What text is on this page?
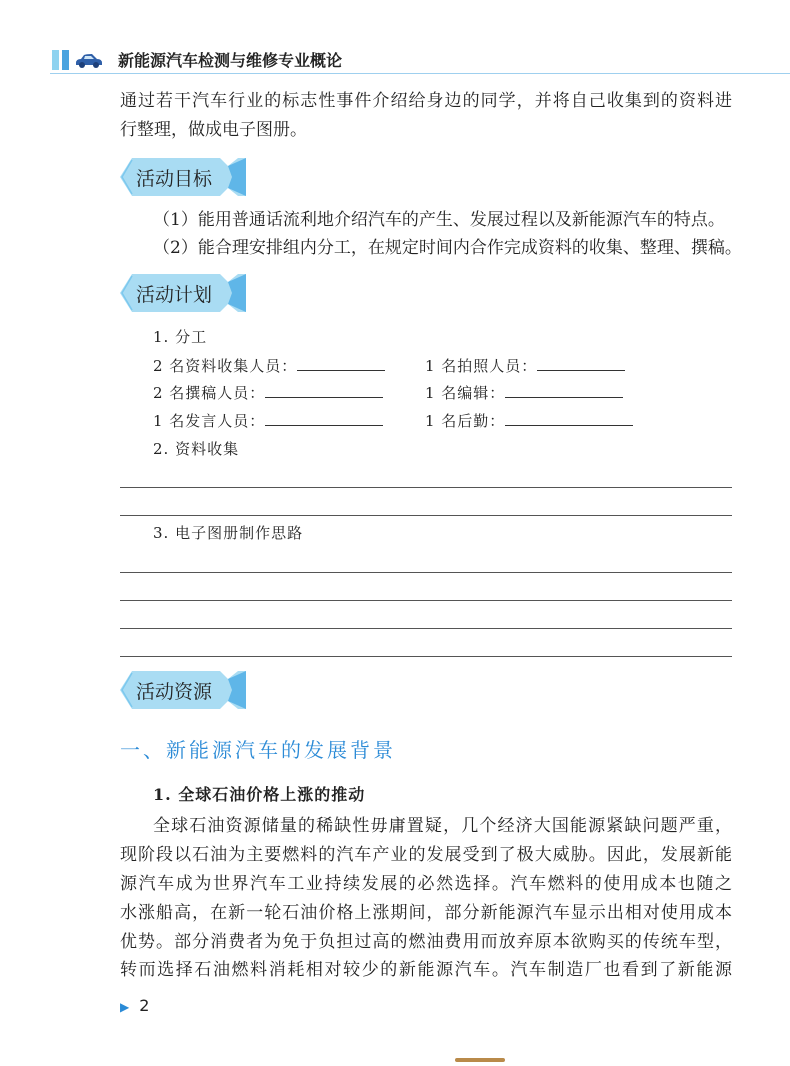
新能源汽车检测与维修专业概论
通过若干汽车行业的标志性事件介绍给身边的同学，并将自己收集到的资料进
行整理，做成电子图册。
活动目标
（1）能用普通话流利地介绍汽车的产生、发展过程以及新能源汽车的特点。
（2）能合理安排组内分工，在规定时间内合作完成资料的收集、整理、撰稿。
活动计划
1. 分工
2 名资料收集人员：	1 名拍照人员：
2 名撰稿人员：	1 名编辑：
1 名发言人员：	1 名后勤：
2. 资料收集
3. 电子图册制作思路
活动资源
一、新能源汽车的发展背景
1. 全球石油价格上涨的推动
全球石油资源储量的稀缺性毋庸置疑，几个经济大国能源紧缺问题严重，
现阶段以石油为主要燃料的汽车产业的发展受到了极大威胁。因此，发展新能
源汽车成为世界汽车工业持续发展的必然选择。汽车燃料的使用成本也随之
水涨船高，在新一轮石油价格上涨期间，部分新能源汽车显示出相对使用成本
优势。部分消费者为免于负担过高的燃油费用而放弃原本欲购买的传统车型，
转而选择石油燃料消耗相对较少的新能源汽车。汽车制造厂也看到了新能源
▶ 2
